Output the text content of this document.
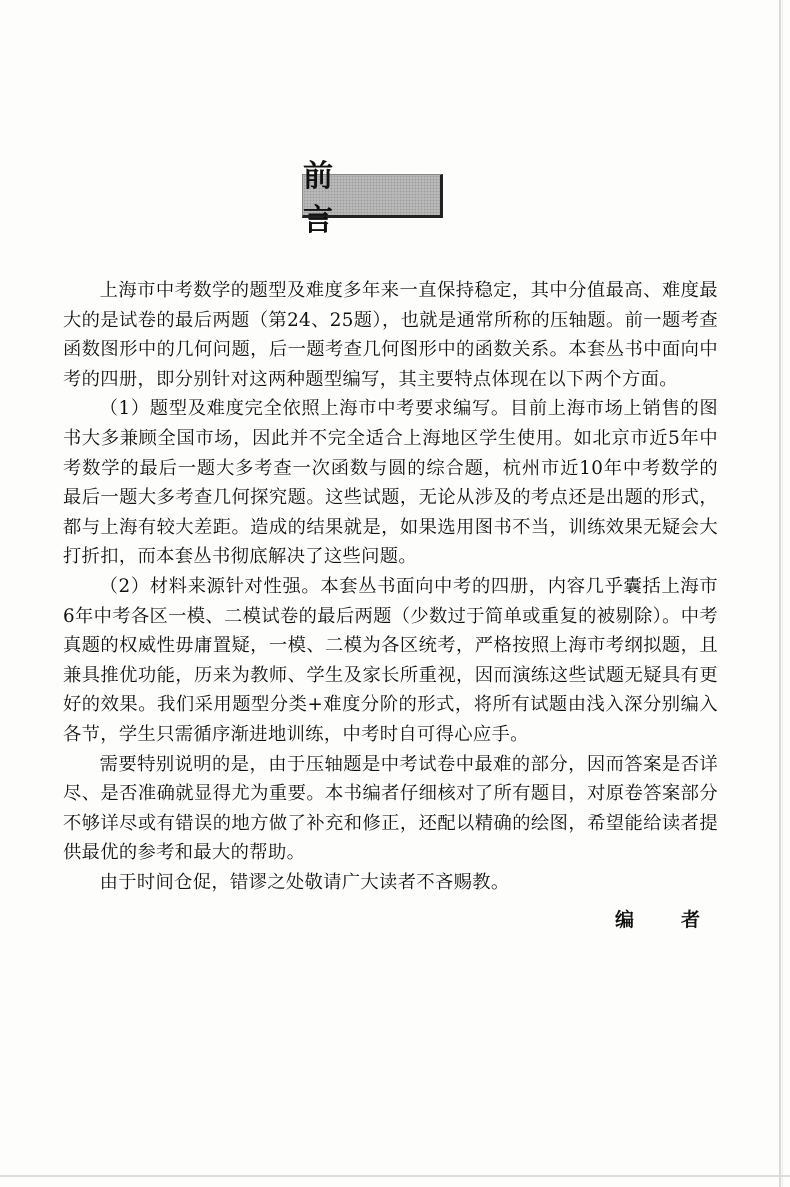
前　言

上海市中考数学的题型及难度多年来一直保持稳定，其中分值最高、难度最大的是试卷的最后两题（第24、25题），也就是通常所称的压轴题。前一题考查函数图形中的几何问题，后一题考查几何图形中的函数关系。本套丛书中面向中考的四册，即分别针对这两种题型编写，其主要特点体现在以下两个方面。

（1）题型及难度完全依照上海市中考要求编写。目前上海市场上销售的图书大多兼顾全国市场，因此并不完全适合上海地区学生使用。如北京市近5年中考数学的最后一题大多考查一次函数与圆的综合题，杭州市近10年中考数学的最后一题大多考查几何探究题。这些试题，无论从涉及的考点还是出题的形式，都与上海有较大差距。造成的结果就是，如果选用图书不当，训练效果无疑会大打折扣，而本套丛书彻底解决了这些问题。

（2）材料来源针对性强。本套丛书面向中考的四册，内容几乎囊括上海市6年中考各区一模、二模试卷的最后两题（少数过于简单或重复的被剔除）。中考真题的权威性毋庸置疑，一模、二模为各区统考，严格按照上海市考纲拟题，且兼具推优功能，历来为教师、学生及家长所重视，因而演练这些试题无疑具有更好的效果。我们采用题型分类+难度分阶的形式，将所有试题由浅入深分别编入各节，学生只需循序渐进地训练，中考时自可得心应手。

需要特别说明的是，由于压轴题是中考试卷中最难的部分，因而答案是否详尽、是否准确就显得尤为重要。本书编者仔细核对了所有题目，对原卷答案部分不够详尽或有错误的地方做了补充和修正，还配以精确的绘图，希望能给读者提供最优的参考和最大的帮助。

由于时间仓促，错谬之处敬请广大读者不吝赐教。

编　者
